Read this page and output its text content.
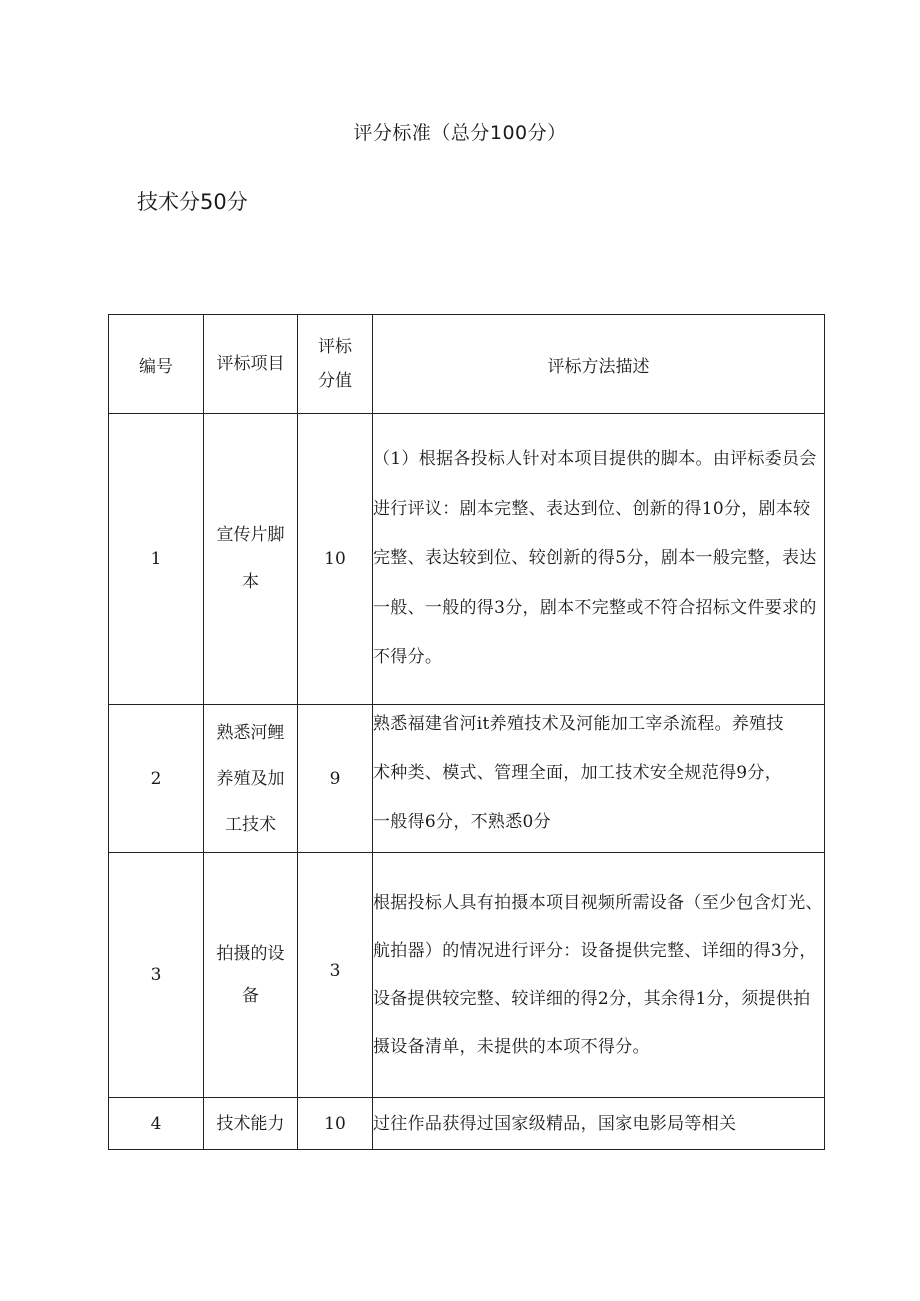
评分标准（总分100分）
技术分50分
编号	评标项目	评标分值	评标方法描述
1	宣传片脚本	10	（1）根据各投标人针对本项目提供的脚本。由评标委员会进行评议：剧本完整、表达到位、创新的得10分，剧本较完整、表达较到位、较创新的得5分，剧本一般完整，表达一般、一般的得3分，剧本不完整或不符合招标文件要求的不得分。
2	熟悉河鲤养殖及加工技术	9	熟悉福建省河it养殖技术及河能加工宰杀流程。养殖技术种类、模式、管理全面，加工技术安全规范得9分，一般得6分，不熟悉0分

3	拍摄的设备	3	根据投标人具有拍摄本项目视频所需设备（至少包含灯光、航拍器）的情况进行评分：设备提供完整、详细的得3分，设备提供较完整、较详细的得2分，其余得1分，须提供拍摄设备清单，未提供的本项不得分。
4	技术能力	10	过往作品获得过国家级精品，国家电影局等相关
